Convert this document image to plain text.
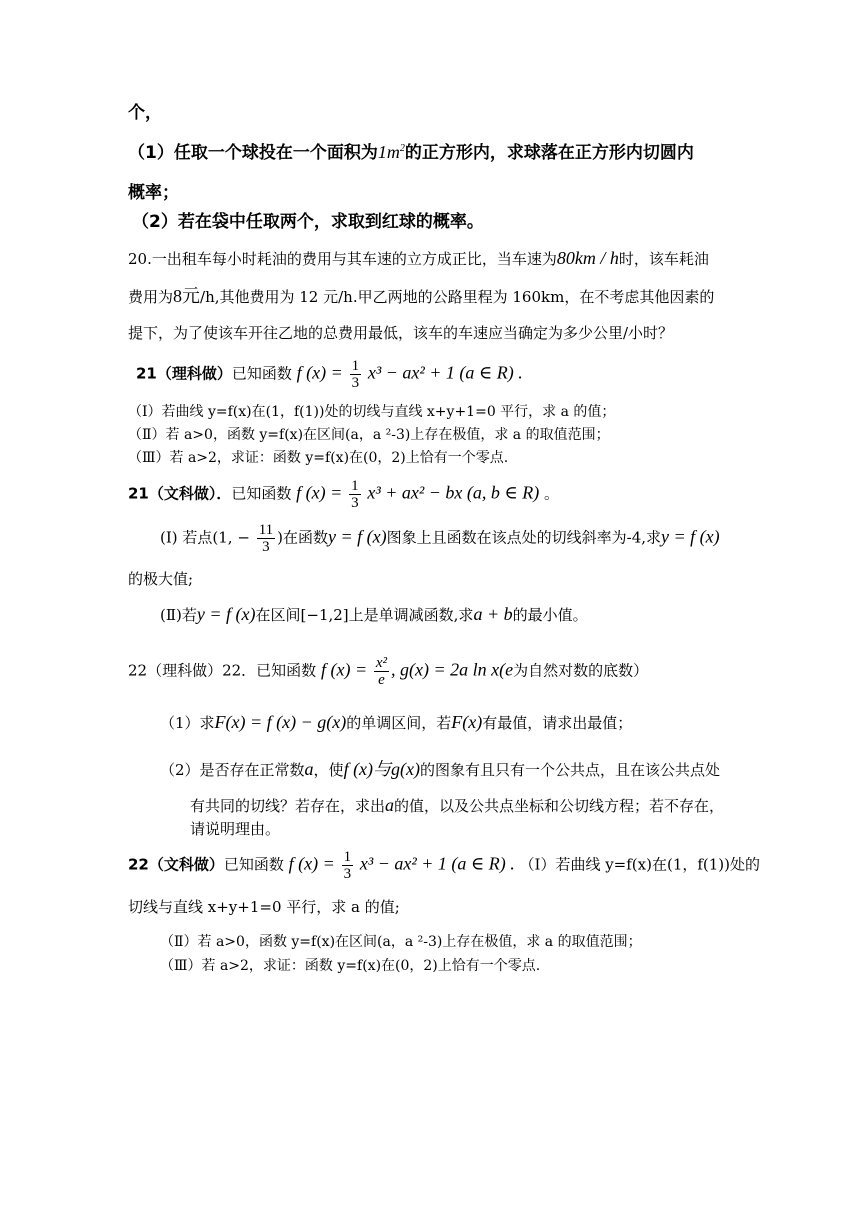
个，
（1）任取一个球投在一个面积为$1m^2$的正方形内，求球落在正方形内切圆内
概率；
（2）若在袋中任取两个，求取到红球的概率。
20.一出租车每小时耗油的费用与其车速的立方成正比，当车速为80km / h时，该车耗油
费用为8元/h,其他费用为 12 元/h.甲乙两地的公路里程为 160km，在不考虑其他因素的
提下，为了使该车开往乙地的总费用最低，该车的车速应当确定为多少公里/小时？
21（理科做）已知函数 f $(x) = \frac{1}{3} x^3 - ax^2 + 1$ (a ∈ R) .
（Ⅰ）若曲线 y=f(x)在(1，f(1))处的切线与直线 x+y+1=0 平行，求 a 的值；
（Ⅱ）若 a>0，函数 y=f(x)在区间(a，a ²-3)上存在极值，求 a 的取值范围；
（Ⅲ）若 a>2，求证：函数 y=f(x)在(0，2)上恰有一个零点.
21（文科做）．已知函数 f $(x) = \frac{1}{3} x^3 + ax^2$ − bx (a, b ∈ R) 。
(Ⅰ) 若点(1, − $\frac{11}{3}$ )在函数y = f (x)图象上且函数在该点处的切线斜率为-4,求y = f (x)
的极大值;
(Ⅱ)若y = f (x)在区间[−1,2]上是单调减函数,求a + b的最小值。
22（理科做）22．已知函数 f $(x) = \frac{\text{x²}}{e}$ , g(x) = 2a ln x(e为自然对数的底数）
（1）求F(x) = f (x) − g(x)的单调区间，若F(x)有最值，请求出最值；
（2）是否存在正常数a，使f (x)与g(x)的图象有且只有一个公共点，且在该公共点处
有共同的切线？若存在，求出a的值，以及公共点坐标和公切线方程；若不存在，
请说明理由。
22（文科做）已知函数 f $(x) = \frac{1}{3} x^3 - ax^2 + 1$ (a ∈ R) . （Ⅰ）若曲线 y=f(x)在(1，f(1))处的
切线与直线 x+y+1=0 平行，求 a 的值;
（Ⅱ）若 a>0，函数 y=f(x)在区间(a，a ²-3)上存在极值，求 a 的取值范围；
（Ⅲ）若 a>2，求证：函数 y=f(x)在(0，2)上恰有一个零点.
